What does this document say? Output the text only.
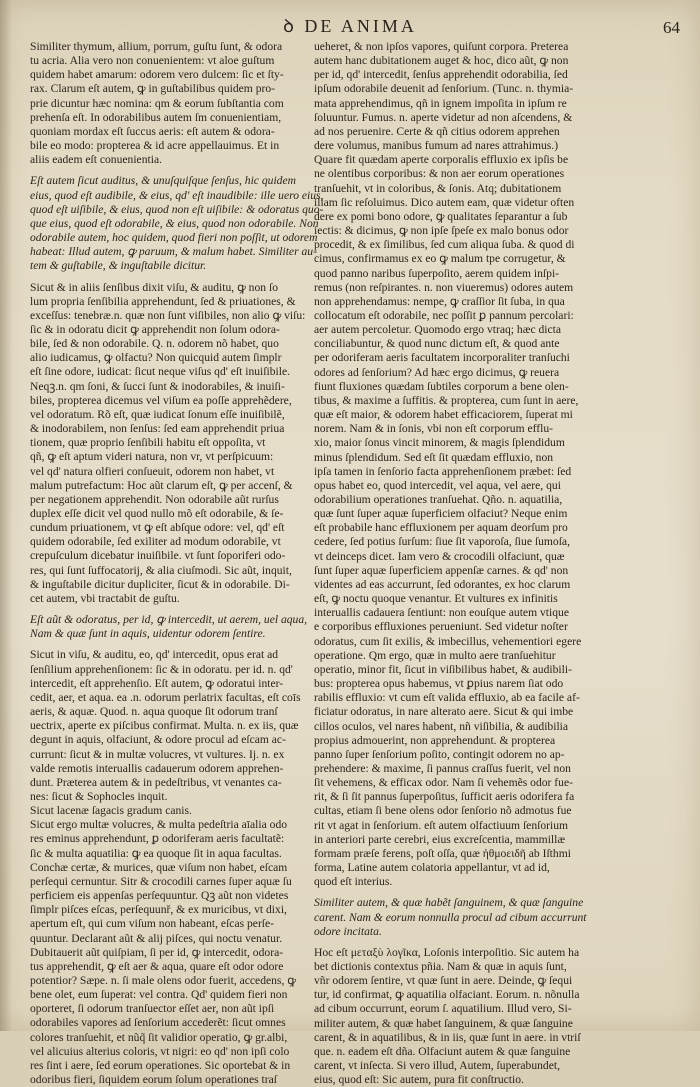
ꝺ DE ANIMA	64
Similiter thymum, allium, porrum, guſtu ſunt, & odora
tu acria. Alia vero non conuenientem: vt aloe guſtum
quidem habet amarum: odorem vero dulcem: ſic et ſty-
rax. Clarum eſt autem, ꝙ in guſtabilibus quidem pro-
prie dicuntur hæc nomina: qm & eorum ſubſtantia com
prehenſa eſt. In odorabilibus autem ſm conuenientiam,
quoniam mordax eſt ſuccus aeris: eſt autem & odora-
bile eo modo: propterea & id acre appellauimus. Et in
aliis eadem eſt conuenientia.
Eſt autem ſicut auditus, & unuſquiſque ſenſus, hic quidem
eius, quod eſt audibile, & eius, qd' eſt inaudibile: ille uero eius,
quod eſt uiſibile, & eius, quod non eſt uiſibile: & odoratus quo-
que eius, quod eſt odorabile, & eius, quod non odorabile. Non
odorabile autem, hoc quidem, quod fieri non poſſit, ut odorem
habeat: Illud autem, ꝙ paruum, & malum habet. Similiter au-
tem & guſtabile, & inguſtabile dicitur.
Sicut & in aliis ſenſibus dixit viſu, & auditu, ꝙ non ſo
lum propria ſenſibilia apprehendunt, ſed & priuationes, &
exceſſus: tenebræ.n. quæ non ſunt viſibiles, non alio ꝙ viſu:
ſic & in odoratu dicit ꝙ apprehendit non ſolum odora-
bile, ſed & non odorabile. Q. n. odorem nõ habet, quo
alio iudicamus, ꝙ olfactu? Non quicquid autem ſimplr
eſt ſine odore, iudicat: ſicut neque viſus qd' eſt inuiſibile.
Neqꝫ.n. qm ſoni, & ſucci ſunt & inodorabiles, & inuiſi-
biles, propterea dicemus vel viſum ea poſſe apprehẽdere,
vel odoratum. Rõ eſt, quæ iudicat ſonum eſſe inuiſibilẽ,
& inodorabilem, non ſenſus: ſed eam apprehendit priua
tionem, quæ proprio ſenſibili habitu eſt oppoſita, vt
qñ, ꝙ eſt aptum videri natura, non vr, vt perſpicuum:
vel qd' natura olfieri conſueuit, odorem non habet, vt
malum putrefactum: Hoc aũt clarum eſt, ꝙ per accenſ, &
per negationem apprehendit. Non odorabile aũt rurſus
duplex eſſe dicit vel quod nullo mõ eſt odorabile, & ſe-
cundum priuationem, vt ꝙ eſt abſque odore: vel, qd' eſt
quidem odorabile, ſed exiliter ad modum odorabile, vt
crepuſculum dicebatur inuiſibile. vt ſunt ſoporiferi odo-
res, qui ſunt ſuffocatorij, & alia ciuſmodi. Sic aũt, inquit,
& inguſtabile dicitur dupliciter, ſicut & in odorabile. Di-
cet autem, vbi tractabit de guſtu.
Eſt aũt & odoratus, per id, ꝙ intercedit, ut aerem, uel aqua,
Nam & quæ ſunt in aquis, uidentur odorem ſentire.
Sicut in viſu, & auditu, eo, qd' intercedit, opus erat ad
ſenſilium apprehenſionem: ſic & in odoratu. per id. n. qd'
intercedit, eſt apprehenſio. Eſt autem, ꝙ odoratui inter-
cedit, aer, et aqua. ea .n. odorum perlatrix facultas, eſt coīs
aeris, & aquæ. Quod. n. aqua quoque ſit odorum tranſ
uectrix, aperte ex piſcibus confirmat. Multa. n. ex iis, quæ
degunt in aquis, olfaciunt, & odore procul ad eſcam ac-
currunt: ſicut & in multæ volucres, vt vultures. Ij. n. ex
valde remotis interuallis cadauerum odorem apprehen-
dunt. Præterea autem & in pedeſtribus, vt venantes ca-
nes: ſicut & Sophocles inquit.
Sicut lacenæ ſagacis gradum canis.
Sicut ergo multæ volucres, & multa pedeſtria aīalia odo
res eminus apprehendunt, ꝑ odoriferam aeris facultatẽ:
ſic & multa aquatilia: ꝙ ea quoque ſit in aqua facultas.
Conchæ certæ, & murices, quæ viſum non habet, eſcam
perſequi cernuntur. Sitr & crocodili carnes ſuper aquæ ſu
perficiem eis appenſas perſequuntur. Qꝫ aũt non videtes
ſimplr piſces eſcas, perſequunř, & ex muricibus, vt dixi,
apertum eſt, qui cum viſum non habeant, eſcas perſe-
quuntur. Declarant aũt & alij piſces, qui noctu venatur.
Dubitauerit aũt quiſpiam, ſi per id, ꝙ intercedit, odora-
tus apprehendit, ꝙ eſt aer & aqua, quare eſt odor odore
potentior? Sæpe. n. ſi male olens odor fuerit, accedens, ꝙ
bene olet, eum ſuperat: vel contra. Qd' quidem fieri non
oporteret, ſi odorum tranſuector eſſet aer, non aũt ipſi
odorabiles vapores ad ſenſorium accederẽt: ſicut omnes
colores tranſuehit, et nũq̃ ſit validior operatio, ꝙ gr.albi,
vel alicuius alterius coloris, vt nigri: eo qd' non ipſi colo
res ſint i aere, ſed eorum operationes. Sic oportebat & in
odoribus fieri, ſiquidem eorum ſolum operationes traſ
ueheret, & non ipſos vapores, quiſunt corpora. Preterea
autem hanc dubitationem auget & hoc, dico aũt, ꝙ non
per id, qd' intercedit, ſenſus apprehendit odorabilia, ſed
ipſum odorabile deuenit ad ſenſorium. (Tunc. n. thymia-
mata apprehendimus, qñ in ignem impoſita in ipſum re
ſoluuntur. Fumus. n. aperte videtur ad non aſcendens, &
ad nos peruenire. Certe & qñ citius odorem apprehen
dere volumus, manibus fumum ad nares attrahimus.)
Quare fit quædam aperte corporalis effluxio ex ipſis be
ne olentibus corporibus: & non aer eorum operationes
tranſuehit, vt in coloribus, & ſonis. Atq; dubitationem
illam ſic reſoluimus. Dico autem eam, quæ videtur often
dere ex pomi bono odore, ꝙ qualitates ſeparantur a ſub
iectis: & dicimus, ꝙ non ipſe ſpeſe ex malo bonus odor
procedit, & ex ſimilibus, ſed cum aliqua ſuba. & quod di
cimus, confirmamus ex eo ꝙ malum tpe corrugetur, &
quod panno naribus ſuperpoſito, aerem quidem inſpi-
remus (non reſpirantes. n. non viueremus) odores autem
non apprehendamus: nempe, ꝙ craſſior ſit ſuba, in qua
collocatum eſt odorabile, nec poſſit ꝑ pannum percolari:
aer autem percoletur. Quomodo ergo vtraq; hæc dicta
conciliabuntur, & quod nunc dictum eſt, & quod ante
per odoriferam aeris facultatem incorporaliter tranſuchi
odores ad ſenſorium? Ad hæc ergo dicimus, ꝙ reuera
fiunt fluxiones quædam ſubtiles corporum a bene olen-
tibus, & maxime a ſuffitis. & propterea, cum ſunt in aere,
quæ eſt maior, & odorem habet efficaciorem, ſuperat mi
norem. Nam & in ſonis, vbi non eſt corporum efflu-
xio, maior ſonus vincit minorem, & magis ſplendidum
minus ſplendidum. Sed eſt ſit quædam effluxio, non
ipſa tamen in ſenſorio facta apprehenſionem præbet: ſed
opus habet eo, quod intercedit, vel aqua, vel aere, qui
odorabilium operationes tranſuehat. Qño. n. aquatilia,
quæ ſunt ſuper aquæ ſuperficiem olfaciut? Neque enim
eſt probabile hanc effluxionem per aquam deorſum pro
cedere, ſed potius ſurſum: ſiue ſit vaporoſa, ſiue ſumoſa,
vt deinceps dicet. Iam vero & crocodili olfaciunt, quæ
ſunt ſuper aquæ ſuperficiem appenſæ carnes. & qd' non
videntes ad eas accurrunt, ſed odorantes, ex hoc clarum
eſt, ꝙ noctu quoque venantur. Et vultures ex infinitis
interuallis cadauera ſentiunt: non eouſque autem vtique
e corporibus effluxiones perueniunt. Sed videtur noſter
odoratus, cum ſit exilis, & imbecillus, vehementiori egere
operatione. Qm ergo, quæ in multo aere tranſuehitur
operatio, minor fit, ſicut in viſibilibus habet, & audibili-
bus: propterea opus habemus, vt ꝑpius narem ſiat odo
rabilis effluxio: vt cum eſt valida effluxio, ab ea facile af-
ficiatur odoratus, in nare alterato aere. Sicut & qui imbe
cillos oculos, vel nares habent, nñ viſibilia, & audibilia
propius admouerint, non apprehendunt. & propterea
panno ſuper ſenſorium poſito, contingit odorem no ap-
prehendere: & maxime, ſi pannus craſſus fuerit, vel non
ſit vehemens, & efficax odor. Nam ſi vehemẽs odor fue-
rit, & ſi ſit pannus ſuperpoſitus, ſufficit aeris odorifera fa
cultas, etiam ſi bene olens odor ſenſorio nõ admotus fue
rit vt agat in ſenſorium. eſt autem olfactiuum ſenſorium
in anteriori parte cerebri, eius excreſcentia, mammillæ
formam præſe ferens, poſt oſſa, quæ ἠθμοειδῆ ab Iſthmi
forma, Latine autem colatoria appellantur, vt ad id,
quod eſt interius.
Similiter autem, & quæ habẽt ſanguinem, & quæ ſanguine
carent. Nam & eorum nonnulla procul ad cibum accurrunt
odore incitata.
Hoc eſt μεταξὺ λογῖκα, Loſonis interpoſitio. Sic autem ha
bet dictionis contextus pñia. Nam & quæ in aquis ſunt,
vñr odorem ſentire, vt quæ ſunt in aere. Deinde, ꝙ ſequi
tur, id confirmat, ꝙ aquatilia olfaciant. Eorum. n. nõnulla
ad cibum occurrunt, eorum ſ. aquatilium. Illud vero, Si-
militer autem, & quæ habet ſanguinem, & quæ ſanguine
carent, & in aquatilibus, & in iis, quæ ſunt in aere. in vtriſ
que. n. eadem eſt dña. Olfaciunt autem & quæ ſanguine
carent, vt inſecta. Si vero illud, Autem, ſuperabundet,
eius, quod eſt: Sic autem, pura fit conſtructio.
